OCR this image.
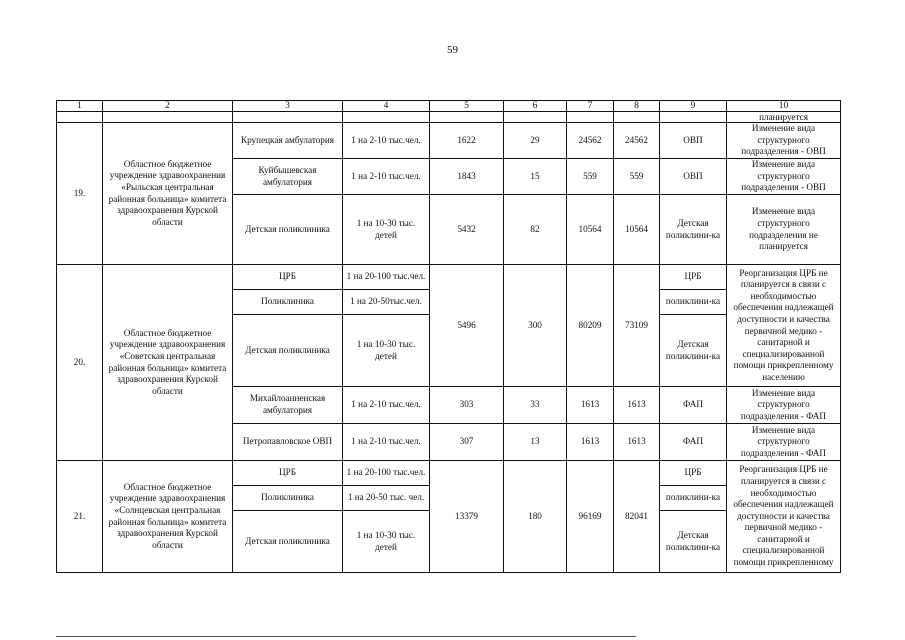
59
1	2	3	4	5	6	7	8	9	10
									планируется
19.	Областное бюджетное учреждение здравоохранения «Рыльская центральная районная больница» комитета здравоохранения Курской области	Крупецкая амбулатория	1 на 2-10 тыс.чел.	1622	29	24562	24562	ОВП	Изменение вида структурного подразделения - ОВП
		Куйбышевская амбулатория	1 на 2-10 тыс.чел.	1843	15	559	559	ОВП	Изменение вида структурного подразделения - ОВП
		Детская поликлиника	1 на 10-30 тыс. детей	5432	82	10564	10564	Детская поликлини-ка	Изменение вида структурного подразделения не планируется
20.	Областное бюджетное учреждение здравоохранения «Советская центральная районная больница» комитета здравоохранения Курской области	ЦРБ	1 на 20-100 тыс.чел.	5496	300	80209	73109	ЦРБ	Реорганизация ЦРБ не планируется в связи с необходимостью обеспечения надлежащей доступности и качества первичной медико - санитарной и специализированной помощи прикрепленному населению
		Поликлиника	1 на 20-50тыс.чел.					поликлини-ка	
		Детская поликлиника	1 на 10-30 тыс. детей					Детская поликлини-ка	
		Михайлоанненская амбулатория	1 на 2-10 тыс.чел.	303	33	1613	1613	ФАП	Изменение вида структурного подразделения - ФАП
		Петропавловское ОВП	1 на 2-10 тыс.чел.	307	13	1613	1613	ФАП	Изменение вида структурного подразделения - ФАП
21.	Областное бюджетное учреждение здравоохранения «Солнцевская центральная районная больница» комитета здравоохранения Курской области	ЦРБ	1 на 20-100 тыс.чел.	13379	180	96169	82041	ЦРБ	Реорганизация ЦРБ не планируется в связи с необходимостью обеспечения надлежащей доступности и качества первичной медико - санитарной и специализированной помощи прикрепленному
		Поликлиника	1 на 20-50 тыс. чел.					поликлини-ка	
		Детская поликлиника	1 на 10-30 тыс. детей					Детская поликлини-ка	
